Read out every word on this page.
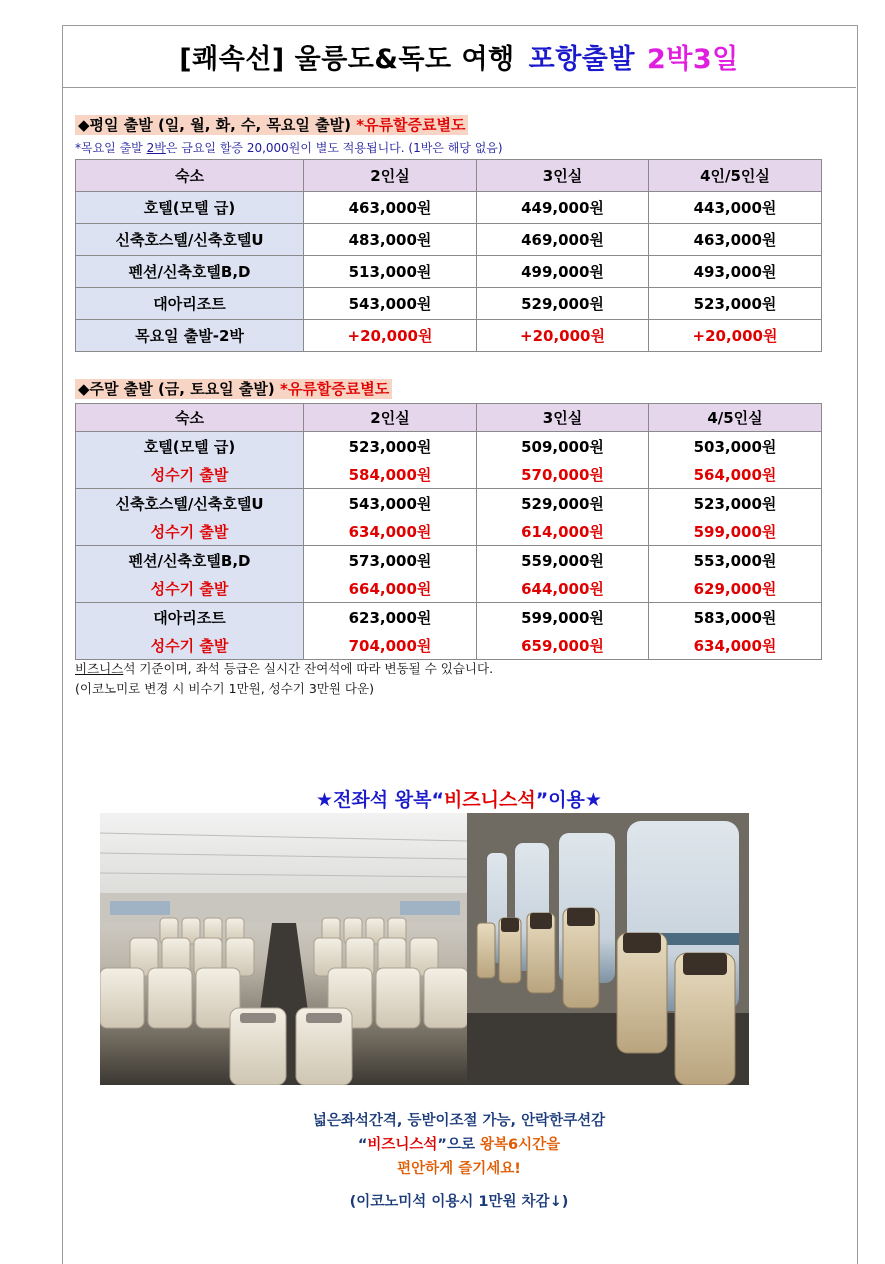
[쾌속선] 울릉도&독도 여행 포항출발 2박3일
◆평일 출발 (일, 월, 화, 수, 목요일 출발) *유류할증료별도
*목요일 출발 2박은 금요일 할증 20,000원이 별도 적용됩니다. (1박은 해당 없음)
숙소	2인실	3인실	4인/5인실
호텔(모텔 급)	463,000원	449,000원	443,000원
신축호스텔/신축호텔U	483,000원	469,000원	463,000원
펜션/신축호텔B,D	513,000원	499,000원	493,000원
대아리조트	543,000원	529,000원	523,000원
목요일 출발-2박	+20,000원	+20,000원	+20,000원
◆주말 출발 (금, 토요일 출발) *유류할증료별도
숙소	2인실	3인실	4/5인실
호텔(모텔 급)	523,000원	509,000원	503,000원
성수기 출발	584,000원	570,000원	564,000원
신축호스텔/신축호텔U	543,000원	529,000원	523,000원
성수기 출발	634,000원	614,000원	599,000원
펜션/신축호텔B,D	573,000원	559,000원	553,000원
성수기 출발	664,000원	644,000원	629,000원
대아리조트	623,000원	599,000원	583,000원
성수기 출발	704,000원	659,000원	634,000원
비즈니스석 기준이며, 좌석 등급은 실시간 잔여석에 따라 변동될 수 있습니다.
(이코노미로 변경 시 비수기 1만원, 성수기 3만원 다운)
★전좌석 왕복“비즈니스석”이용★
넓은좌석간격, 등받이조절 가능, 안락한쿠션감
“비즈니스석”으로 왕복6시간을
편안하게 즐기세요!
(이코노미석 이용시 1만원 차감↓)
